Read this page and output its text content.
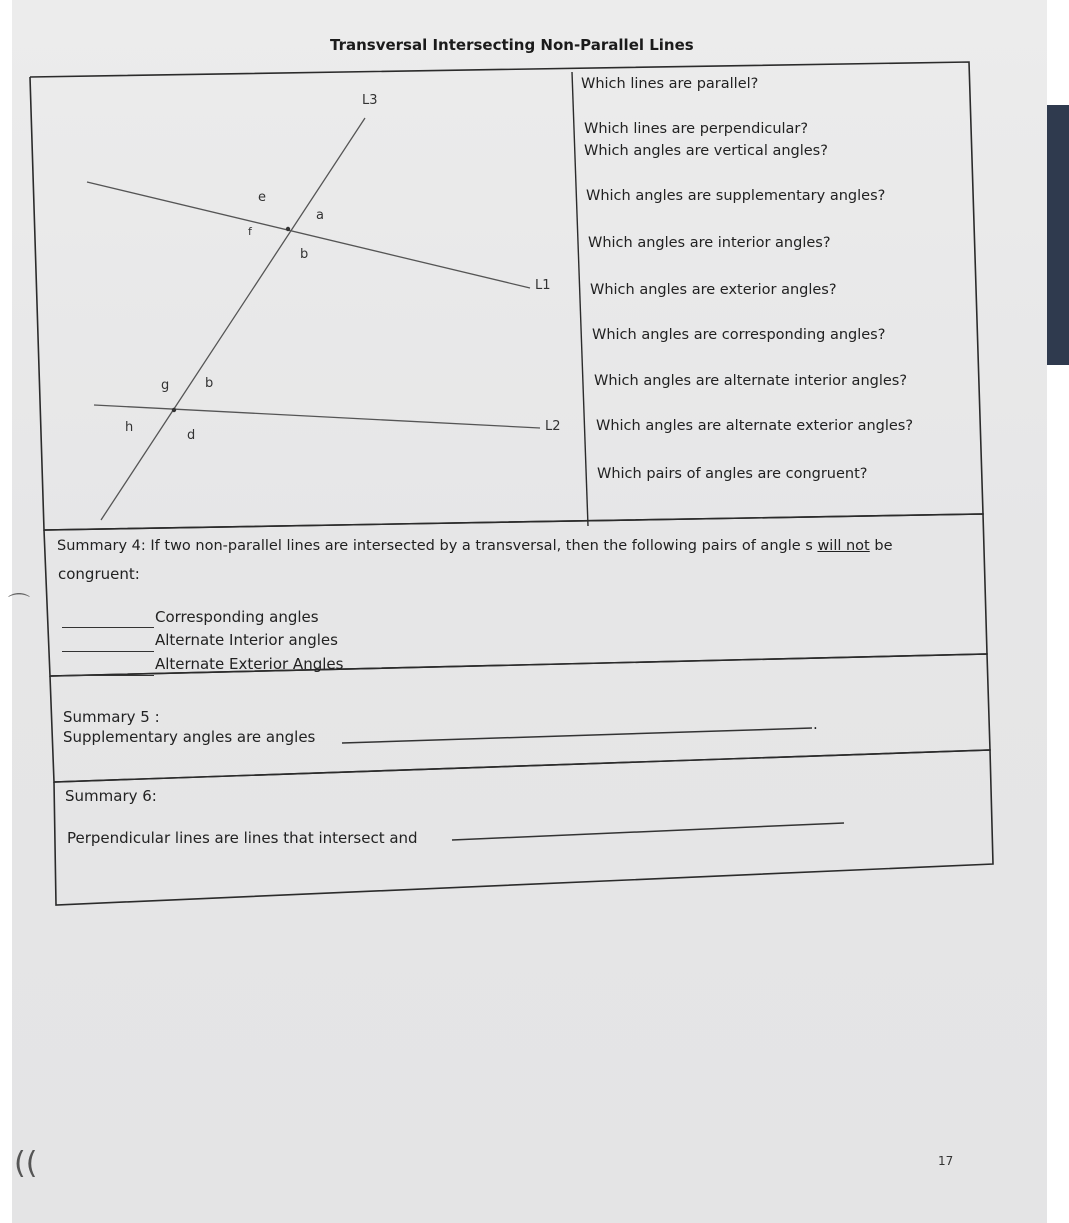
Transversal Intersecting Non-Parallel Lines
L3
L1
L2
e
a
f
b
g	b
h
d
Which lines are parallel?
Which lines are perpendicular?
Which angles are vertical angles?
Which angles are supplementary angles?
Which angles are interior angles?
Which angles are exterior angles?
Which angles are corresponding angles?
Which angles are alternate interior angles?
Which angles are alternate exterior angles?
Which pairs of angles are congruent?
Summary 4: If two non-parallel lines are intersected by a transversal, then the following pairs of angle s will not be
congruent:
Corresponding angles
Alternate Interior angles
Alternate Exterior Angles
Summary 5 :
Supplementary angles are angles
.
Summary 6:
Perpendicular lines are lines that intersect and
17
((
⌒
